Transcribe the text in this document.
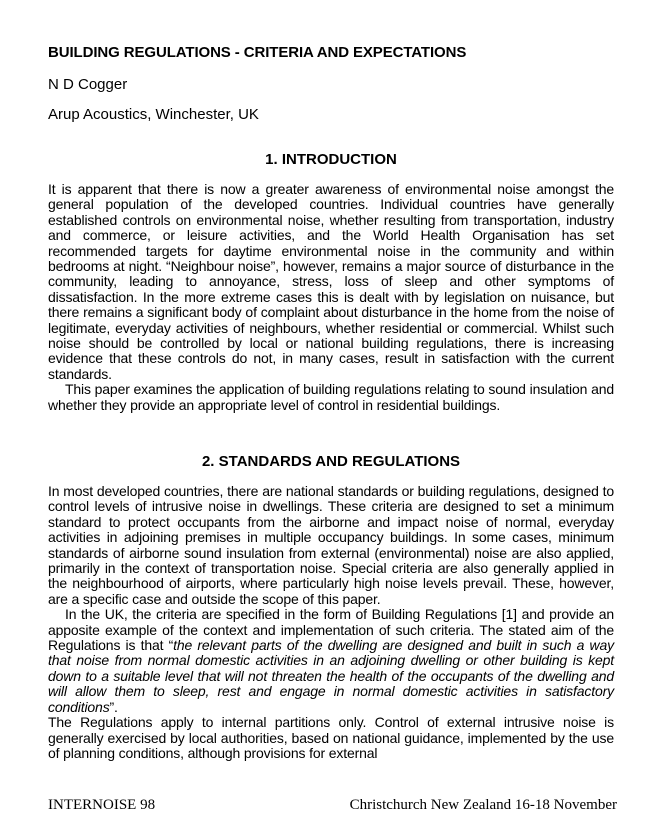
BUILDING REGULATIONS - CRITERIA AND EXPECTATIONS
N D Cogger
Arup Acoustics, Winchester, UK
1. INTRODUCTION

It is apparent that there is now a greater awareness of environmental noise amongst the general population of the developed countries. Individual countries have generally established controls on environmental noise, whether resulting from transportation, industry and commerce, or leisure activities, and the World Health Organisation has set recommended targets for daytime environmental noise in the community and within bedrooms at night. “Neighbour noise”, however, remains a major source of disturbance in the community, leading to annoyance, stress, loss of sleep and other symptoms of dissatisfaction. In the more extreme cases this is dealt with by legislation on nuisance, but there remains a significant body of complaint about disturbance in the home from the noise of legitimate, everyday activities of neighbours, whether residential or commercial. Whilst such noise should be controlled by local or national building regulations, there is increasing evidence that these controls do not, in many cases, result in satisfaction with the current standards.

This paper examines the application of building regulations relating to sound insulation and whether they provide an appropriate level of control in residential buildings.

2. STANDARDS AND REGULATIONS

In most developed countries, there are national standards or building regulations, designed to control levels of intrusive noise in dwellings. These criteria are designed to set a minimum standard to protect occupants from the airborne and impact noise of normal, everyday activities in adjoining premises in multiple occupancy buildings. In some cases, minimum standards of airborne sound insulation from external (environmental) noise are also applied, primarily in the context of transportation noise. Special criteria are also generally applied in the neighbourhood of airports, where particularly high noise levels prevail. These, however, are a specific case and outside the scope of this paper.

In the UK, the criteria are specified in the form of Building Regulations [1] and provide an apposite example of the context and implementation of such criteria. The stated aim of the Regulations is that “the relevant parts of the dwelling are designed and built in such a way that noise from normal domestic activities in an adjoining dwelling or other building is kept down to a suitable level that will not threaten the health of the occupants of the dwelling and will allow them to sleep, rest and engage in normal domestic activities in satisfactory conditions”.

The Regulations apply to internal partitions only. Control of external intrusive noise is generally exercised by local authorities, based on national guidance, implemented by the use of planning conditions, although provisions for external

INTERNOISE 98	Christchurch New Zealand 16-18 November
